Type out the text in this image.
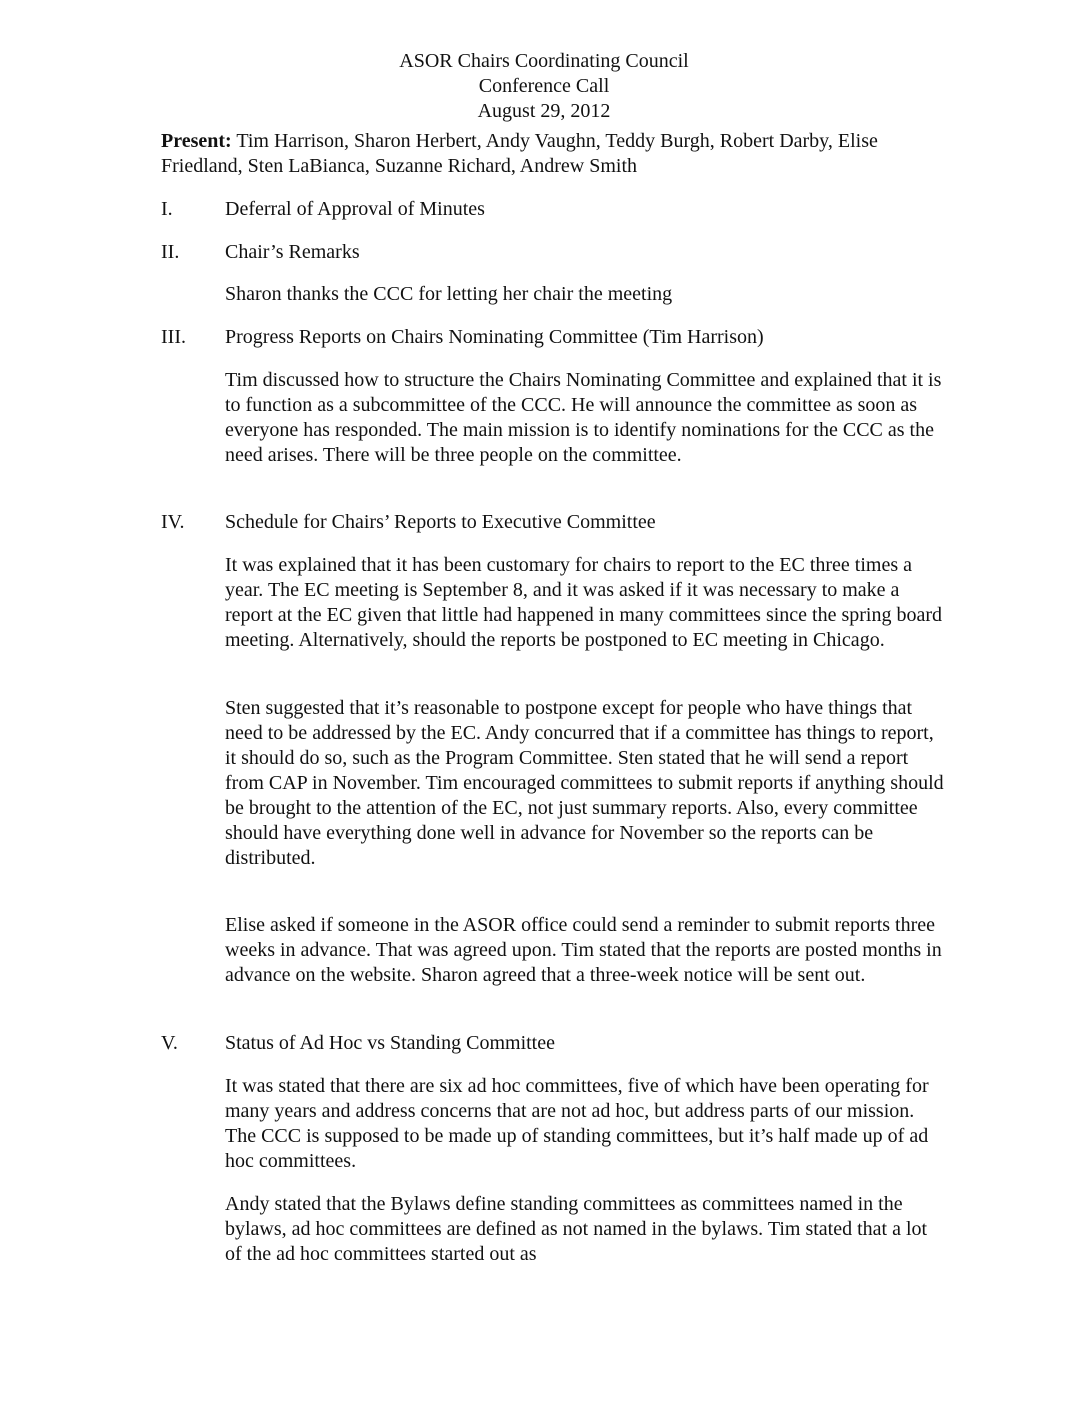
ASOR Chairs Coordinating Council
Conference Call
August 29, 2012
Present: Tim Harrison, Sharon Herbert, Andy Vaughn, Teddy Burgh, Robert Darby, Elise Friedland, Sten LaBianca, Suzanne Richard, Andrew Smith
I.	Deferral of Approval of Minutes
II.	Chair’s Remarks
Sharon thanks the CCC for letting her chair the meeting
III.	Progress Reports on Chairs Nominating Committee (Tim Harrison)
Tim discussed how to structure the Chairs Nominating Committee and explained that it is to function as a subcommittee of the CCC. He will announce the committee as soon as everyone has responded. The main mission is to identify nominations for the CCC as the need arises. There will be three people on the committee.
IV.	Schedule for Chairs’ Reports to Executive Committee
It was explained that it has been customary for chairs to report to the EC three times a year. The EC meeting is September 8, and it was asked if it was necessary to make a report at the EC given that little had happened in many committees since the spring board meeting. Alternatively, should the reports be postponed to EC meeting in Chicago.
Sten suggested that it’s reasonable to postpone except for people who have things that need to be addressed by the EC. Andy concurred that if a committee has things to report, it should do so, such as the Program Committee. Sten stated that he will send a report from CAP in November. Tim encouraged committees to submit reports if anything should be brought to the attention of the EC, not just summary reports. Also, every committee should have everything done well in advance for November so the reports can be distributed.
Elise asked if someone in the ASOR office could send a reminder to submit reports three weeks in advance. That was agreed upon. Tim stated that the reports are posted months in advance on the website. Sharon agreed that a three-week notice will be sent out.
V.	Status of Ad Hoc vs Standing Committee
It was stated that there are six ad hoc committees, five of which have been operating for many years and address concerns that are not ad hoc, but address parts of our mission. The CCC is supposed to be made up of standing committees, but it’s half made up of ad hoc committees.
Andy stated that the Bylaws define standing committees as committees named in the bylaws, ad hoc committees are defined as not named in the bylaws. Tim stated that a lot of the ad hoc committees started out as
